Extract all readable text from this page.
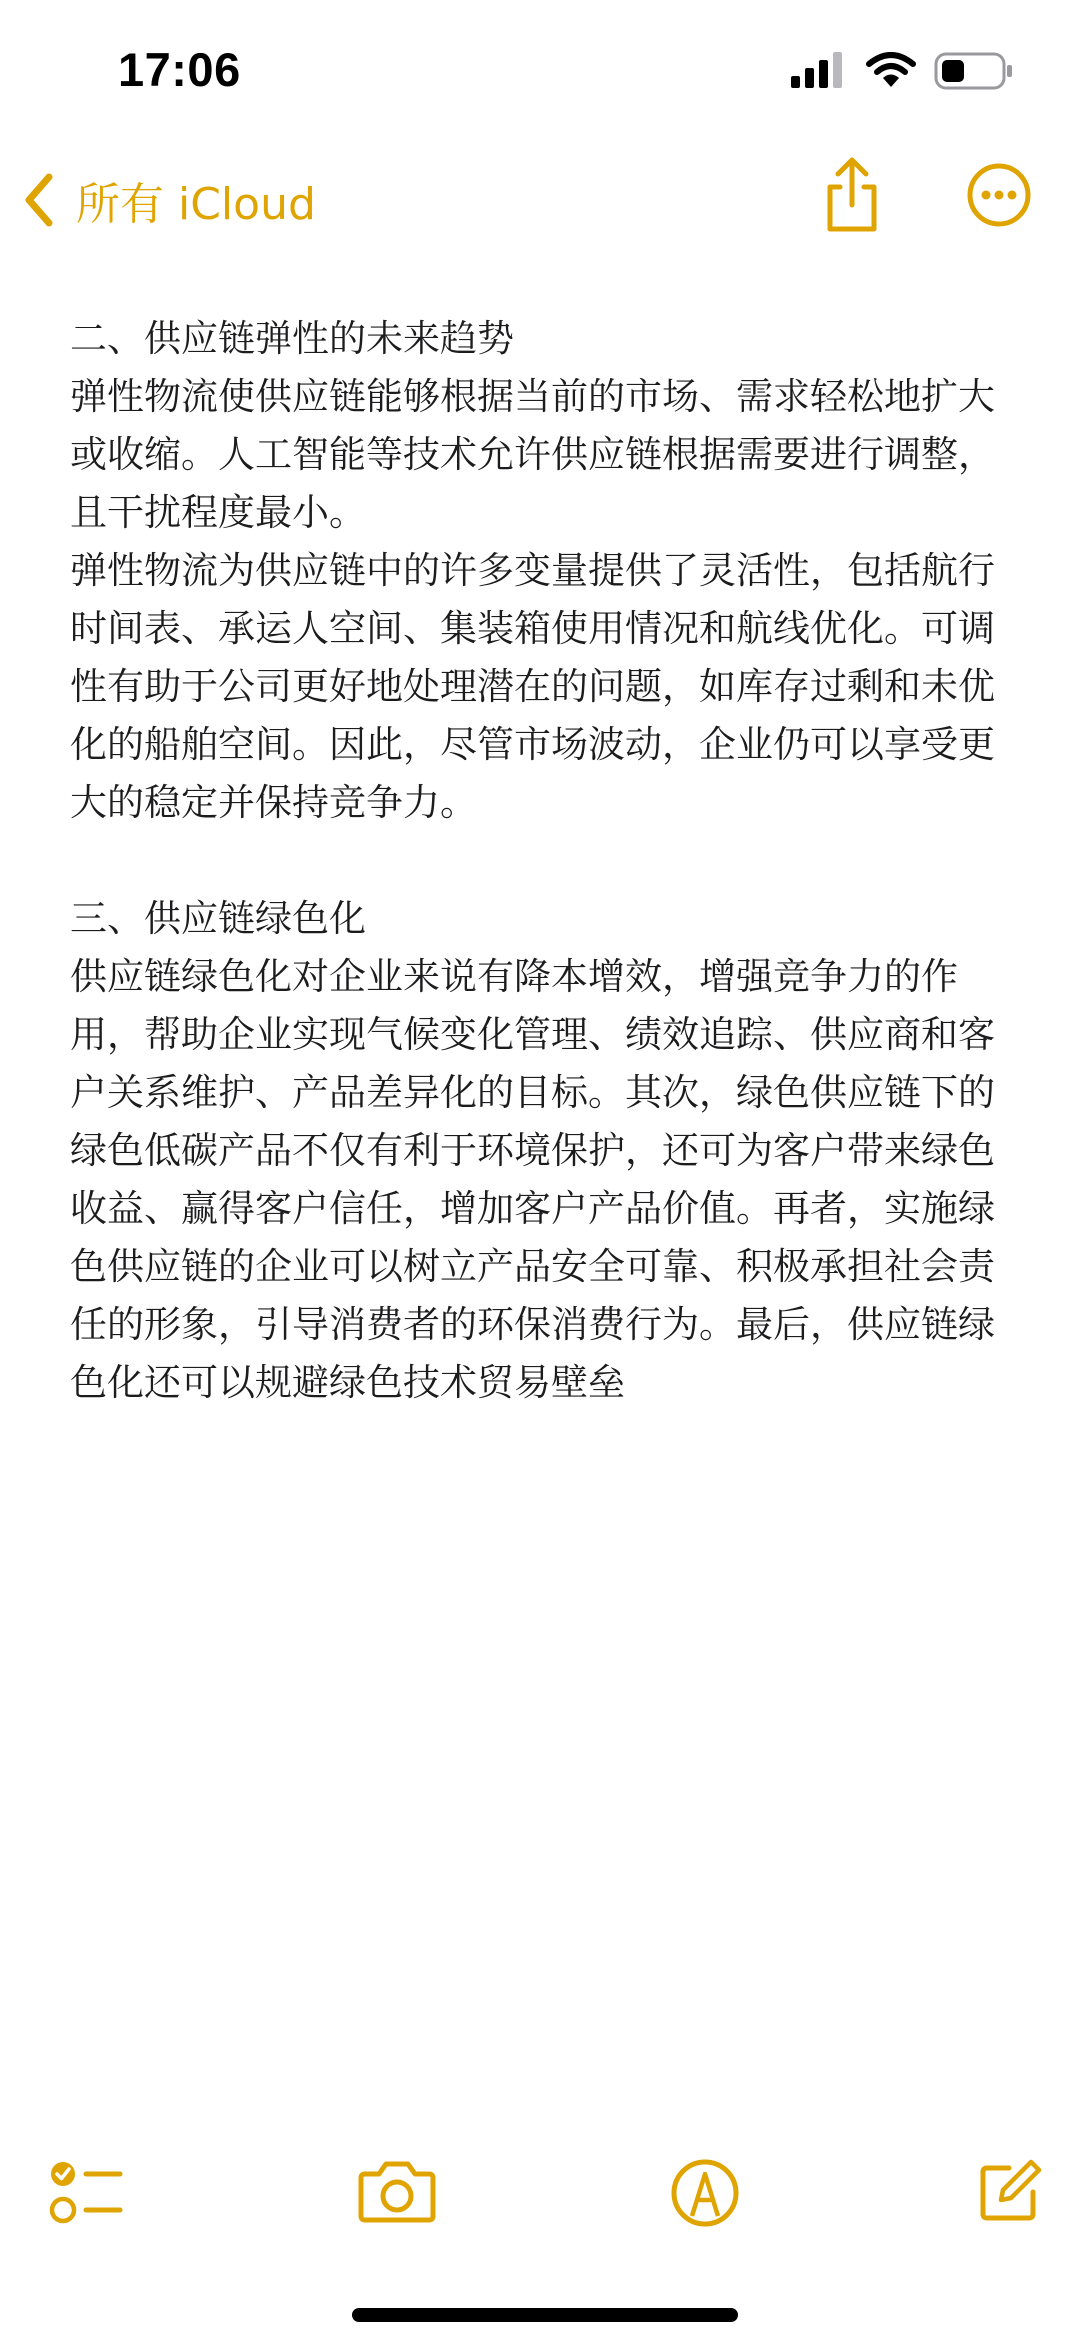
17:06
所有 iCloud

二、供应链弹性的未来趋势

弹性物流使供应链能够根据当前的市场、需求轻松地扩大或收缩。人工智能等技术允许供应链根据需要进行调整，且干扰程度最小。

弹性物流为供应链中的许多变量提供了灵活性，包括航行时间表、承运人空间、集装箱使用情况和航线优化。可调性有助于公司更好地处理潜在的问题，如库存过剩和未优化的船舶空间。因此，尽管市场波动，企业仍可以享受更大的稳定并保持竞争力。

三、供应链绿色化

供应链绿色化对企业来说有降本增效，增强竞争力的作用，帮助企业实现气候变化管理、绩效追踪、供应商和客户关系维护、产品差异化的目标。其次，绿色供应链下的绿色低碳产品不仅有利于环境保护，还可为客户带来绿色收益、赢得客户信任，增加客户产品价值。再者，实施绿色供应链的企业可以树立产品安全可靠、积极承担社会责任的形象，引导消费者的环保消费行为。最后，供应链绿色化还可以规避绿色技术贸易壁垒
